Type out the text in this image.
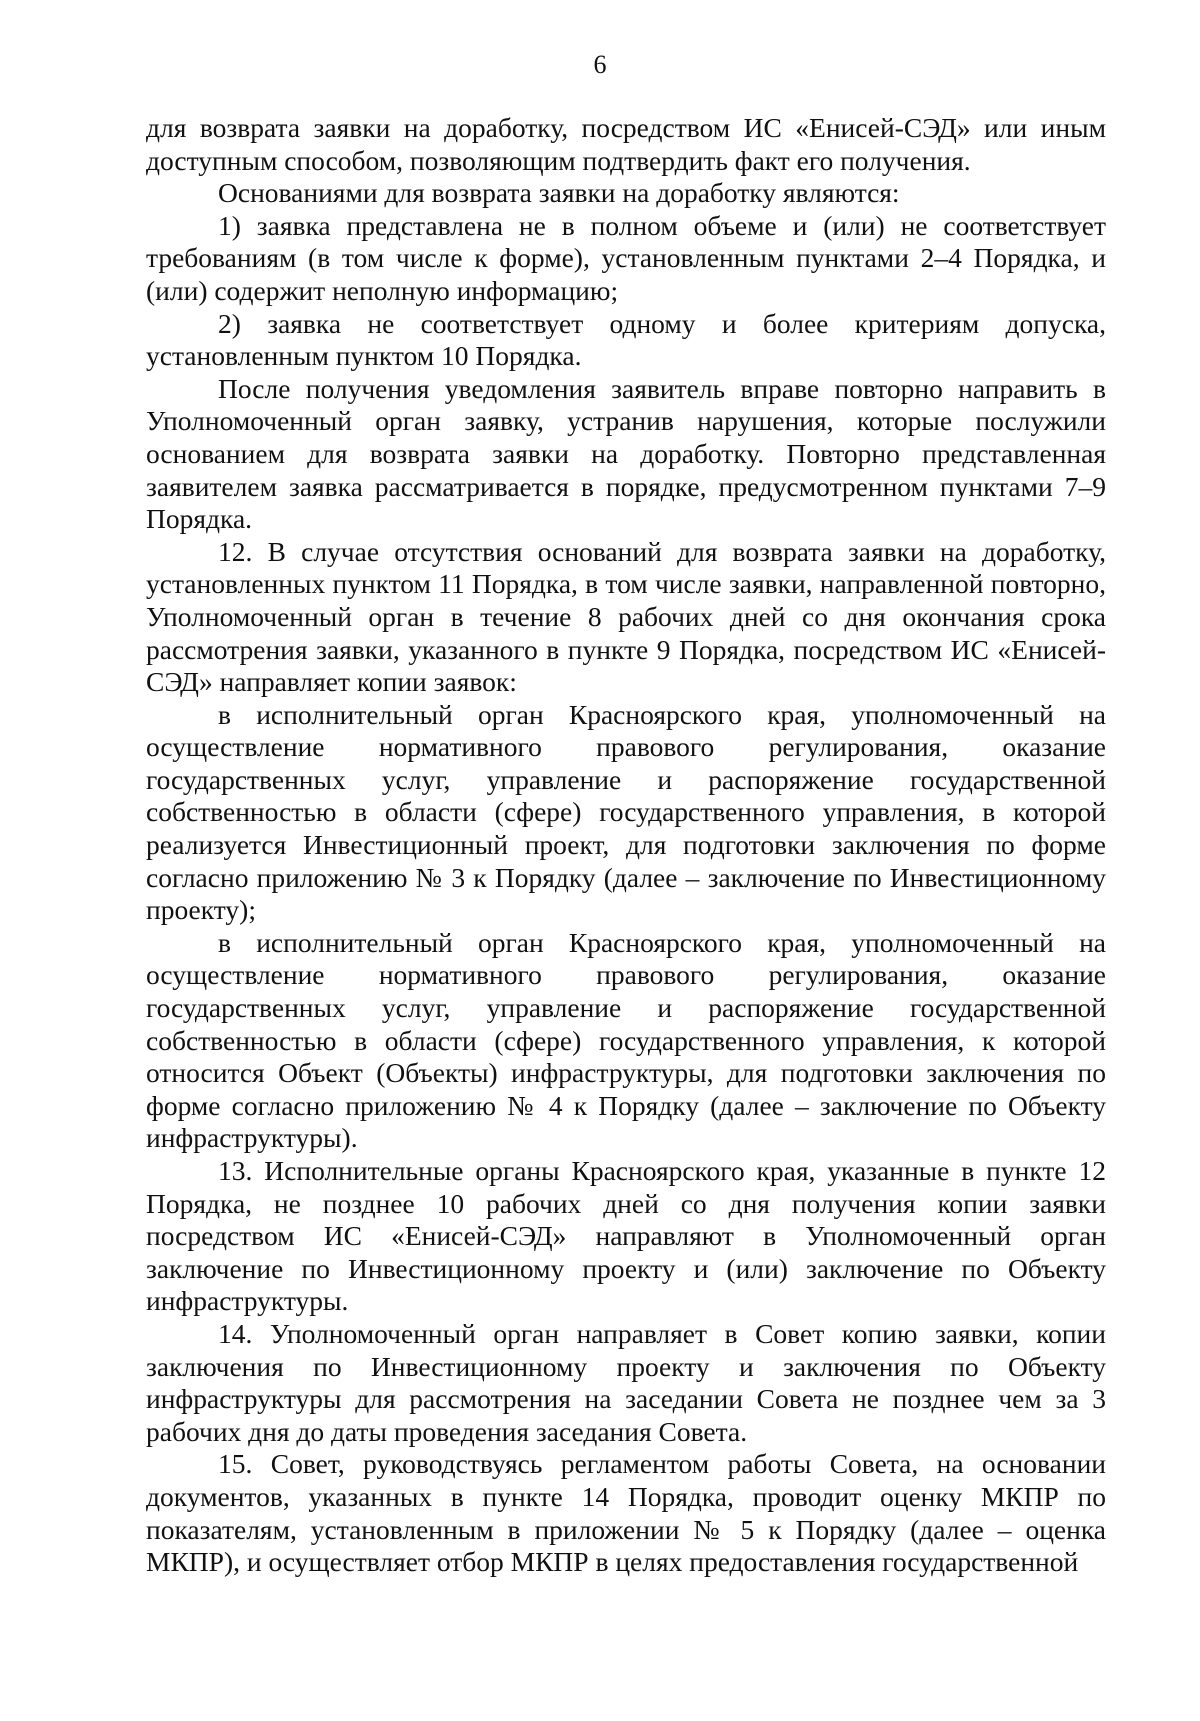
6

для возврата заявки на доработку, посредством ИС «Енисей-СЭД» или иным доступным способом, позволяющим подтвердить факт его получения.

Основаниями для возврата заявки на доработку являются:

1) заявка представлена не в полном объеме и (или) не соответствует требованиям (в том числе к форме), установленным пунктами 2–4 Порядка, и (или) содержит неполную информацию;

2) заявка не соответствует одному и более критериям допуска, установленным пунктом 10 Порядка.

После получения уведомления заявитель вправе повторно направить в Уполномоченный орган заявку, устранив нарушения, которые послужили основанием для возврата заявки на доработку. Повторно представленная заявителем заявка рассматривается в порядке, предусмотренном пунктами 7–9 Порядка.

12. В случае отсутствия оснований для возврата заявки на доработку, установленных пунктом 11 Порядка, в том числе заявки, направленной повторно, Уполномоченный орган в течение 8 рабочих дней со дня окончания срока рассмотрения заявки, указанного в пункте 9 Порядка, посредством ИС «Енисей-СЭД» направляет копии заявок:

в исполнительный орган Красноярского края, уполномоченный на осуществление нормативного правового регулирования, оказание государственных услуг, управление и распоряжение государственной собственностью в области (сфере) государственного управления, в которой реализуется Инвестиционный проект, для подготовки заключения по форме согласно приложению № 3 к Порядку (далее – заключение по Инвестиционному проекту);

в исполнительный орган Красноярского края, уполномоченный на осуществление нормативного правового регулирования, оказание государственных услуг, управление и распоряжение государственной собственностью в области (сфере) государственного управления, к которой относится Объект (Объекты) инфраструктуры, для подготовки заключения по форме согласно приложению № 4 к Порядку (далее – заключение по Объекту инфраструктуры).

13. Исполнительные органы Красноярского края, указанные в пункте 12 Порядка, не позднее 10 рабочих дней со дня получения копии заявки посредством ИС «Енисей-СЭД» направляют в Уполномоченный орган заключение по Инвестиционному проекту и (или) заключение по Объекту инфраструктуры.

14. Уполномоченный орган направляет в Совет копию заявки, копии заключения по Инвестиционному проекту и заключения по Объекту инфраструктуры для рассмотрения на заседании Совета не позднее чем за 3 рабочих дня до даты проведения заседания Совета.

15. Совет, руководствуясь регламентом работы Совета, на основании документов, указанных в пункте 14 Порядка, проводит оценку МКПР по показателям, установленным в приложении № 5 к Порядку (далее – оценка МКПР), и осуществляет отбор МКПР в целях предоставления государственной
